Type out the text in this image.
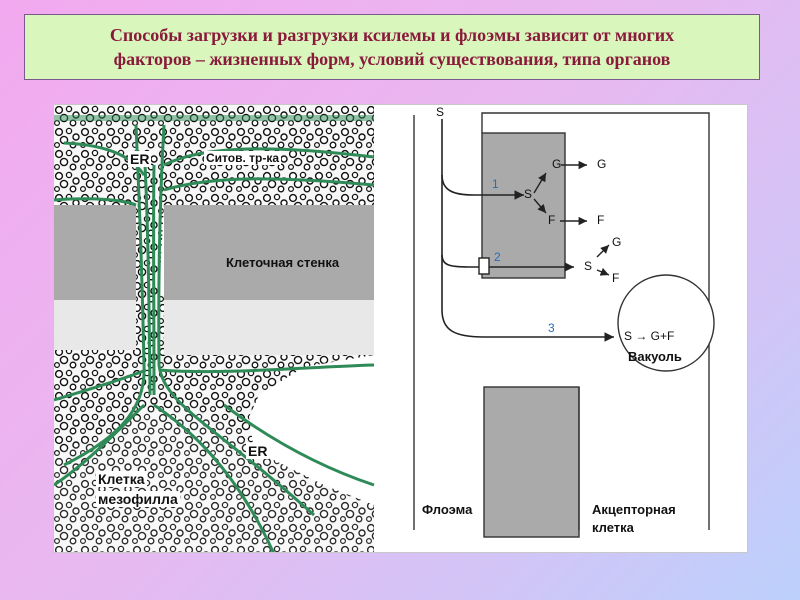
Способы загрузки и разгрузки ксилемы и флоэмы зависит от многих
факторов – жизненных форм, условий существования, типа органов
ER	Ситов. тр-ка
Клеточная стенка
ER
Клетка
мезофилла
S
G	G
1
S
F	F
G
2
S
F
3
S → G+F
Вакуоль
Флоэма	Акцепторная
клетка
